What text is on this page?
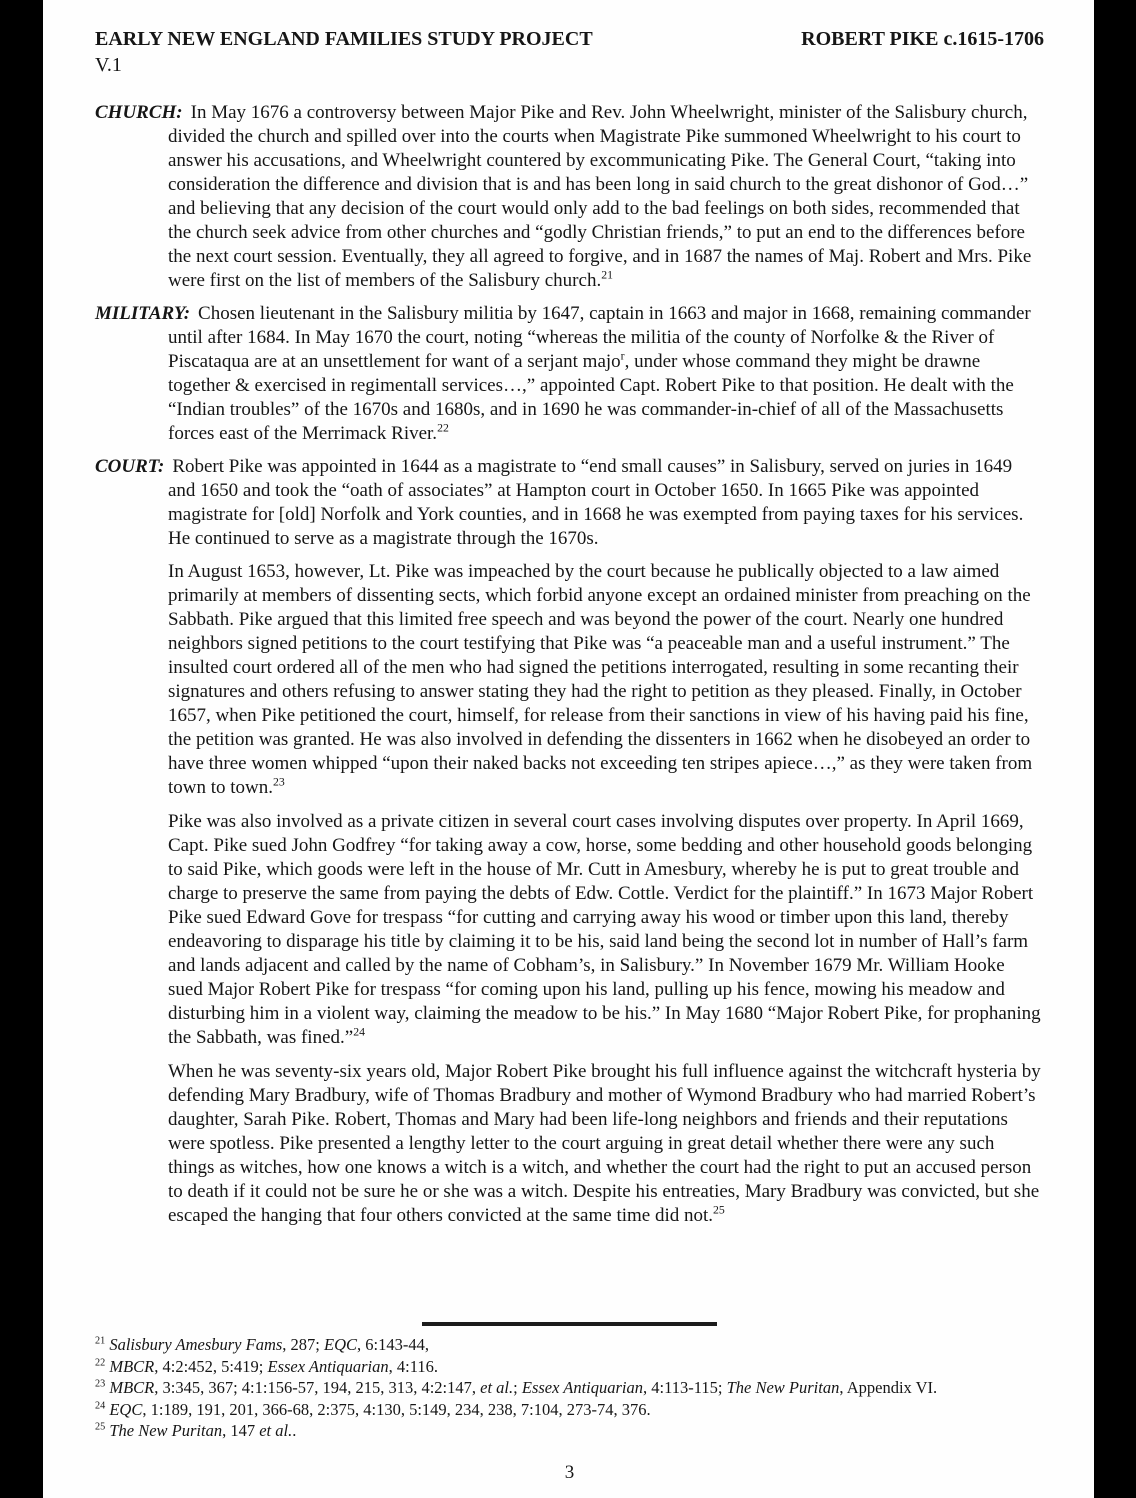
EARLY NEW ENGLAND FAMILIES STUDY PROJECT	ROBERT PIKE c.1615-1706
V.1

CHURCH: In May 1676 a controversy between Major Pike and Rev. John Wheelwright, minister of the Salisbury church, divided the church and spilled over into the courts when Magistrate Pike summoned Wheelwright to his court to answer his accusations, and Wheelwright countered by excommunicating Pike. The General Court, “taking into consideration the difference and division that is and has been long in said church to the great dishonor of God…” and believing that any decision of the court would only add to the bad feelings on both sides, recommended that the church seek advice from other churches and “godly Christian friends,” to put an end to the differences before the next court session. Eventually, they all agreed to forgive, and in 1687 the names of Maj. Robert and Mrs. Pike were first on the list of members of the Salisbury church.$^{21}$

MILITARY: Chosen lieutenant in the Salisbury militia by 1647, captain in 1663 and major in 1668, remaining commander until after 1684. In May 1670 the court, noting “whereas the militia of the county of Norfolke & the River of Piscataqua are at an unsettlement for want of a serjant majo$^r$, under whose command they might be drawne together & exercised in regimentall services…,” appointed Capt. Robert Pike to that position. He dealt with the “Indian troubles” of the 1670s and 1680s, and in 1690 he was commander-in-chief of all of the Massachusetts forces east of the Merrimack River.$^{22}$

COURT: Robert Pike was appointed in 1644 as a magistrate to “end small causes” in Salisbury, served on juries in 1649 and 1650 and took the “oath of associates” at Hampton court in October 1650. In 1665 Pike was appointed magistrate for [old] Norfolk and York counties, and in 1668 he was exempted from paying taxes for his services. He continued to serve as a magistrate through the 1670s.

In August 1653, however, Lt. Pike was impeached by the court because he publically objected to a law aimed primarily at members of dissenting sects, which forbid anyone except an ordained minister from preaching on the Sabbath. Pike argued that this limited free speech and was beyond the power of the court. Nearly one hundred neighbors signed petitions to the court testifying that Pike was “a peaceable man and a useful instrument.” The insulted court ordered all of the men who had signed the petitions interrogated, resulting in some recanting their signatures and others refusing to answer stating they had the right to petition as they pleased. Finally, in October 1657, when Pike petitioned the court, himself, for release from their sanctions in view of his having paid his fine, the petition was granted. He was also involved in defending the dissenters in 1662 when he disobeyed an order to have three women whipped “upon their naked backs not exceeding ten stripes apiece…,” as they were taken from town to town.$^{23}$

Pike was also involved as a private citizen in several court cases involving disputes over property. In April 1669, Capt. Pike sued John Godfrey “for taking away a cow, horse, some bedding and other household goods belonging to said Pike, which goods were left in the house of Mr. Cutt in Amesbury, whereby he is put to great trouble and charge to preserve the same from paying the debts of Edw. Cottle. Verdict for the plaintiff.” In 1673 Major Robert Pike sued Edward Gove for trespass “for cutting and carrying away his wood or timber upon this land, thereby endeavoring to disparage his title by claiming it to be his, said land being the second lot in number of Hall’s farm and lands adjacent and called by the name of Cobham’s, in Salisbury.” In November 1679 Mr. William Hooke sued Major Robert Pike for trespass “for coming upon his land, pulling up his fence, mowing his meadow and disturbing him in a violent way, claiming the meadow to be his.” In May 1680 “Major Robert Pike, for prophaning the Sabbath, was fined.”$^{24}$

When he was seventy-six years old, Major Robert Pike brought his full influence against the witchcraft hysteria by defending Mary Bradbury, wife of Thomas Bradbury and mother of Wymond Bradbury who had married Robert’s daughter, Sarah Pike. Robert, Thomas and Mary had been life-long neighbors and friends and their reputations were spotless. Pike presented a lengthy letter to the court arguing in great detail whether there were any such things as witches, how one knows a witch is a witch, and whether the court had the right to put an accused person to death if it could not be sure he or she was a witch. Despite his entreaties, Mary Bradbury was convicted, but she escaped the hanging that four others convicted at the same time did not.$^{25}$

$^{21}$ Salisbury Amesbury Fams, 287; EQC, 6:143-44,

$^{22}$ MBCR, 4:2:452, 5:419; Essex Antiquarian, 4:116.

$^{23}$ MBCR, 3:345, 367; 4:1:156-57, 194, 215, 313, 4:2:147, et al.; Essex Antiquarian, 4:113-115; The New Puritan, Appendix VI.

$^{24}$ EQC, 1:189, 191, 201, 366-68, 2:375, 4:130, 5:149, 234, 238, 7:104, 273-74, 376.

$^{25}$ The New Puritan, 147 et al..

3
